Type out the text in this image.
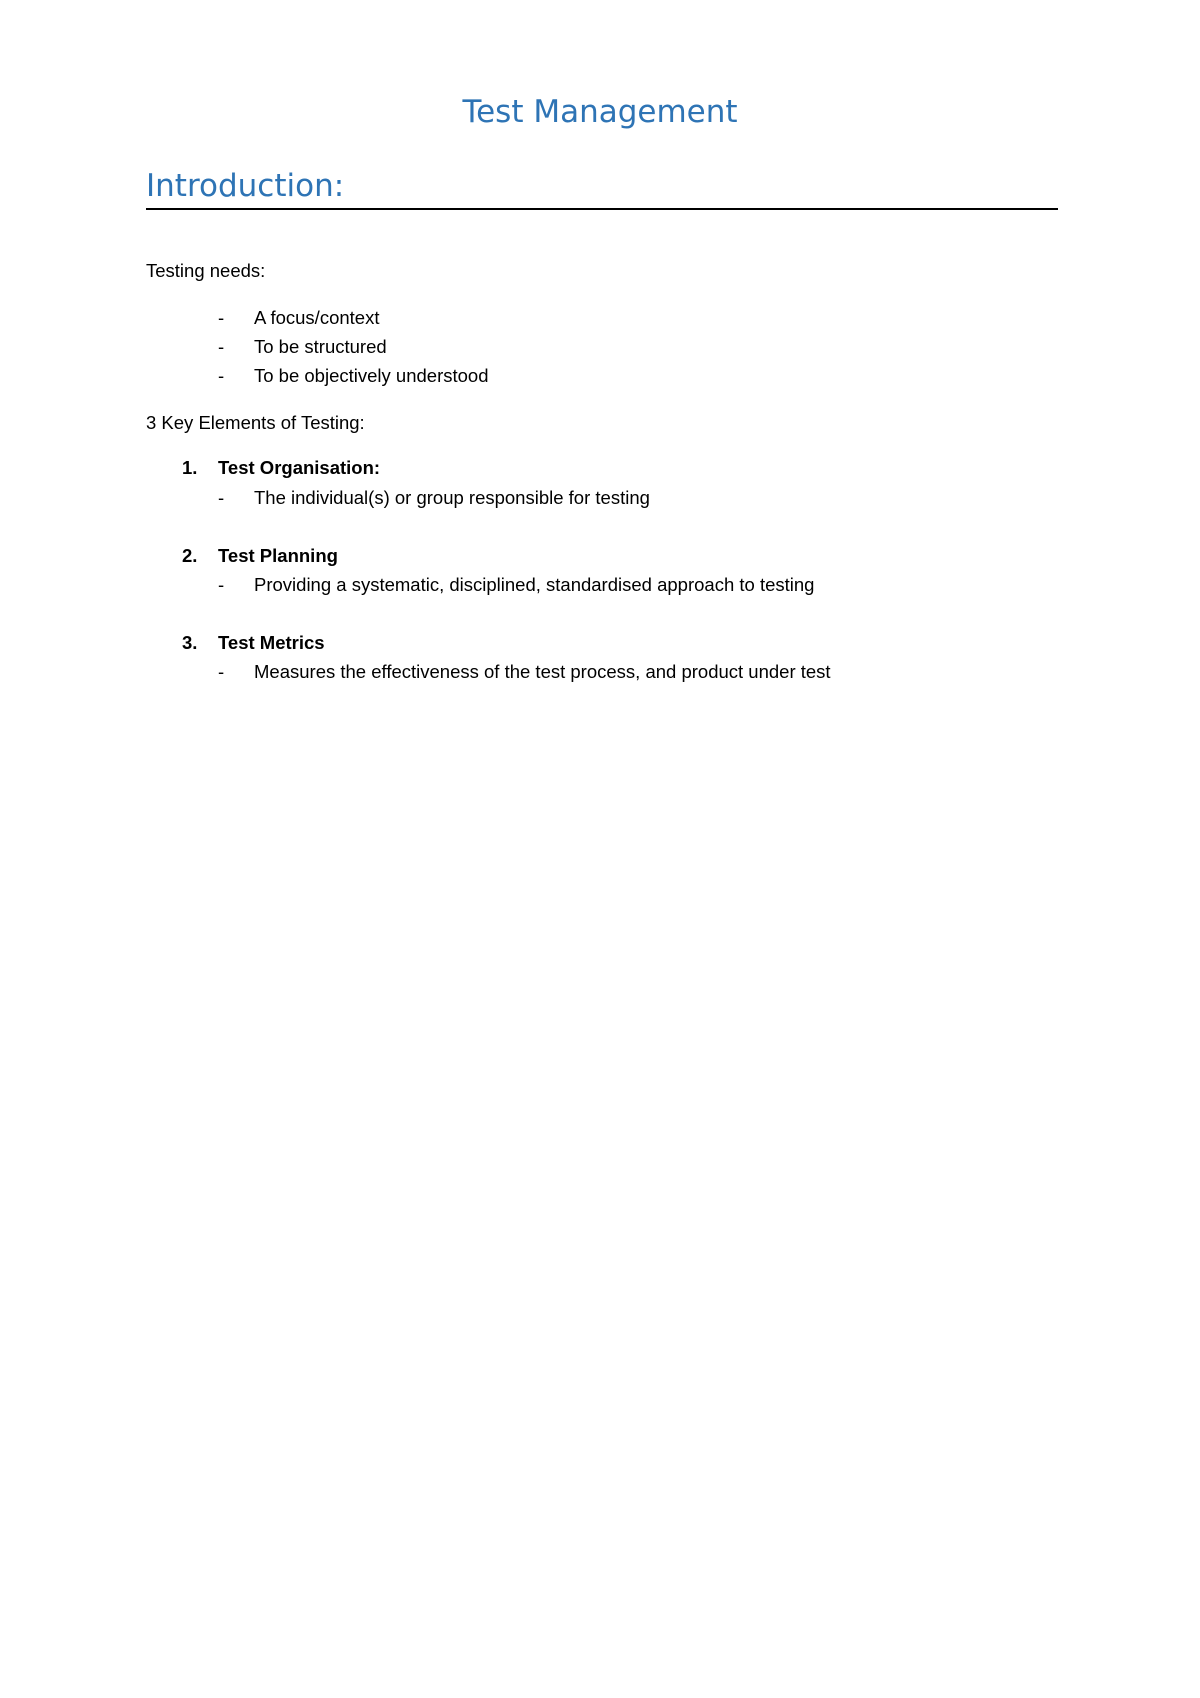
Test Management
Introduction:
Testing needs:
- A focus/context
- To be structured
- To be objectively understood
3 Key Elements of Testing:
1. Test Organisation:
- The individual(s) or group responsible for testing
2. Test Planning
- Providing a systematic, disciplined, standardised approach to testing
3. Test Metrics
- Measures the effectiveness of the test process, and product under test
